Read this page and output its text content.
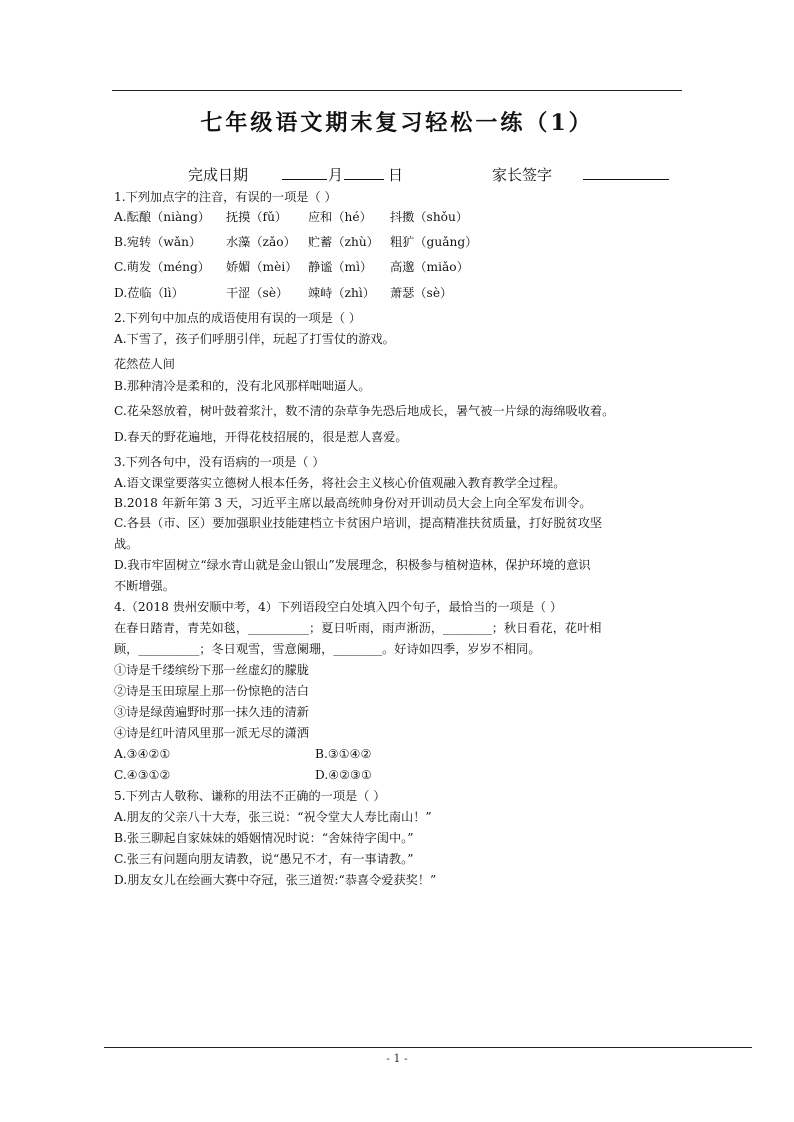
七年级语文期末复习轻松一练（1）
完成日期	月	日	家长签字
1.下列加点字的注音，有误的一项是（ ）
A.酝酿（niàng） 抚摸（fǔ） 应和（hé） 抖擞（shǒu）
B.宛转（wǎn） 水藻（zǎo） 贮蓄（zhù） 粗犷（guǎng）
C.萌发（méng） 娇媚（mèi） 静谧（mì） 高邈（miǎo）
D.莅临（lì）	干涩（sè） 竦峙（zhì） 萧瑟（sè）
2.下列句中加点的成语使用有误的一项是（ ）
A.下雪了，孩子们呼朋引伴，玩起了打雪仗的游戏。
花然莅人间
B.那种清冷是柔和的，没有北风那样咄咄逼人。
C.花朵怒放着，树叶鼓着浆汁，数不清的杂草争先恐后地成长，暑气被一片绿的海绵吸收着。
D.春天的野花遍地，开得花枝招展的，很是惹人喜爱。
3.下列各句中，没有语病的一项是（ ）
A.语文课堂要落实立德树人根本任务，将社会主义核心价值观融入教育教学全过程。
B.2018 年新年第 3 天，习近平主席以最高统帅身份对开训动员大会上向全军发布训令。
C.各县（市、区）要加强职业技能建档立卡贫困户培训，提高精准扶贫质量，打好脱贫攻坚
战。
D.我市牢固树立“绿水青山就是金山银山”发展理念，积极参与植树造林，保护环境的意识
不断增强。
4.（2018 贵州安顺中考，4）下列语段空白处填入四个句子，最恰当的一项是（ ）
在春日踏青，青芜如毯，__________；夏日听雨，雨声淅沥，________；秋日看花，花叶相
顾，__________；冬日观雪，雪意阑珊，________。好诗如四季，岁岁不相同。
①诗是千缕缤纷下那一丝虚幻的朦胧
②诗是玉田琼屋上那一份惊艳的洁白
③诗是绿茵遍野时那一抹久违的清新
④诗是红叶清风里那一派无尽的潇洒
A.③④②①	B.③①④②
C.④③①②	D.④②③①
5.下列古人敬称、谦称的用法不正确的一项是（ ）
A.朋友的父亲八十大寿，张三说：“祝令堂大人寿比南山！”
B.张三聊起自家妹妹的婚姻情况时说：“舍妹待字闺中。”
C.张三有问题向朋友请教，说“愚兄不才，有一事请教。”
D.朋友女儿在绘画大赛中夺冠，张三道贺:“恭喜令爱获奖！”
- 1 -
